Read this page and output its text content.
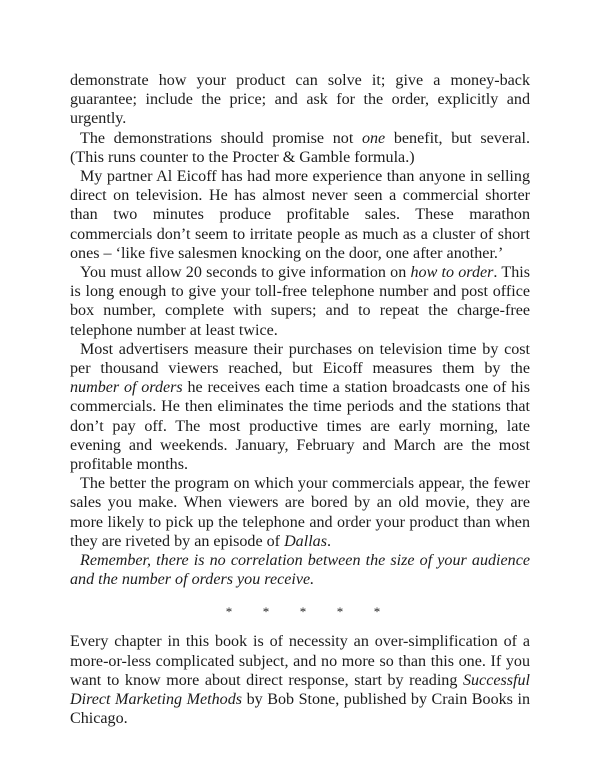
demonstrate how your product can solve it; give a money-back guarantee; include the price; and ask for the order, explicitly and urgently.

The demonstrations should promise not one benefit, but several. (This runs counter to the Procter & Gamble formula.)

My partner Al Eicoff has had more experience than anyone in selling direct on television. He has almost never seen a commercial shorter than two minutes produce profitable sales. These marathon commercials don’t seem to irritate people as much as a cluster of short ones – ‘like five salesmen knocking on the door, one after another.’

You must allow 20 seconds to give information on how to order. This is long enough to give your toll-free telephone number and post office box number, complete with supers; and to repeat the charge-free telephone number at least twice.

Most advertisers measure their purchases on television time by cost per thousand viewers reached, but Eicoff measures them by the number of orders he receives each time a station broadcasts one of his commercials. He then eliminates the time periods and the stations that don’t pay off. The most productive times are early morning, late evening and weekends. January, February and March are the most profitable months.

The better the program on which your commercials appear, the fewer sales you make. When viewers are bored by an old movie, they are more likely to pick up the telephone and order your product than when they are riveted by an episode of Dallas.

Remember, there is no correlation between the size of your audience and the number of orders you receive.

* * * * *

Every chapter in this book is of necessity an over-simplification of a more-or-less complicated subject, and no more so than this one. If you want to know more about direct response, start by reading Successful Direct Marketing Methods by Bob Stone, published by Crain Books in Chicago.
